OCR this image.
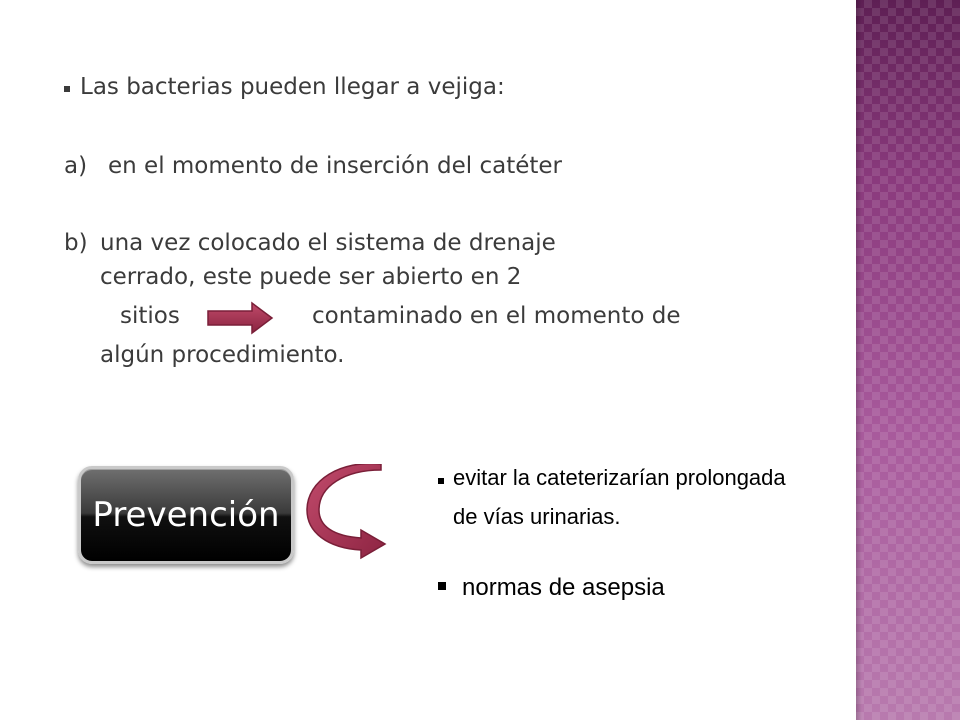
Las bacterias pueden llegar a vejiga:
a) en el momento de inserción del catéter
b) una vez colocado el sistema de drenaje
cerrado, este puede ser abierto en 2
sitios	contaminado en el momento de
algún procedimiento.
Prevención
evitar la cateterizarían prolongada
de vías urinarias.
normas de asepsia
